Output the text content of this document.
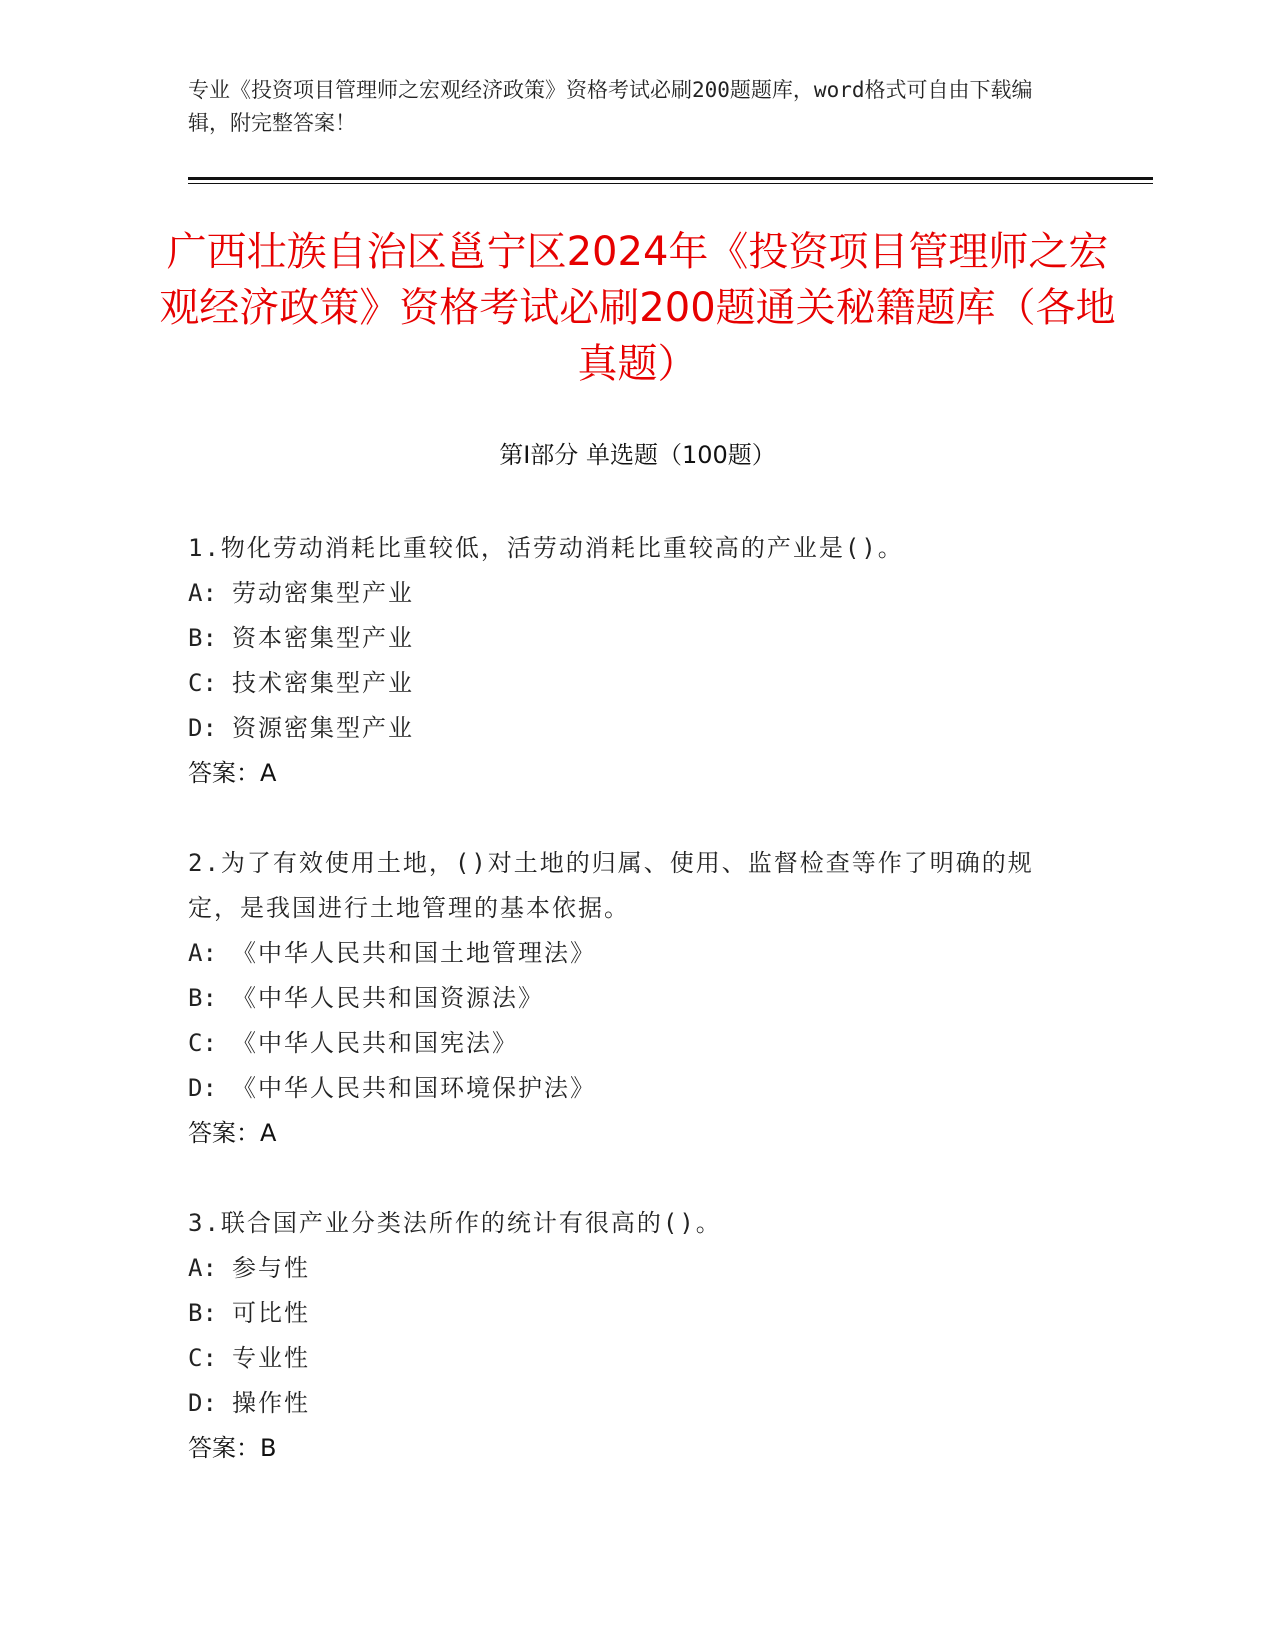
专业《投资项目管理师之宏观经济政策》资格考试必刷200题题库，word格式可自由下载编辑，附完整答案！
广西壮族自治区邕宁区2024年《投资项目管理师之宏观经济政策》资格考试必刷200题通关秘籍题库（各地真题）
第I部分 单选题（100题）
1.物化劳动消耗比重较低，活劳动消耗比重较高的产业是()。
A: 劳动密集型产业
B: 资本密集型产业
C: 技术密集型产业
D: 资源密集型产业
答案：A
2.为了有效使用土地，()对土地的归属、使用、监督检查等作了明确的规定，是我国进行土地管理的基本依据。
A: 《中华人民共和国土地管理法》
B: 《中华人民共和国资源法》
C: 《中华人民共和国宪法》
D: 《中华人民共和国环境保护法》
答案：A
3.联合国产业分类法所作的统计有很高的()。
A: 参与性
B: 可比性
C: 专业性
D: 操作性
答案：B
